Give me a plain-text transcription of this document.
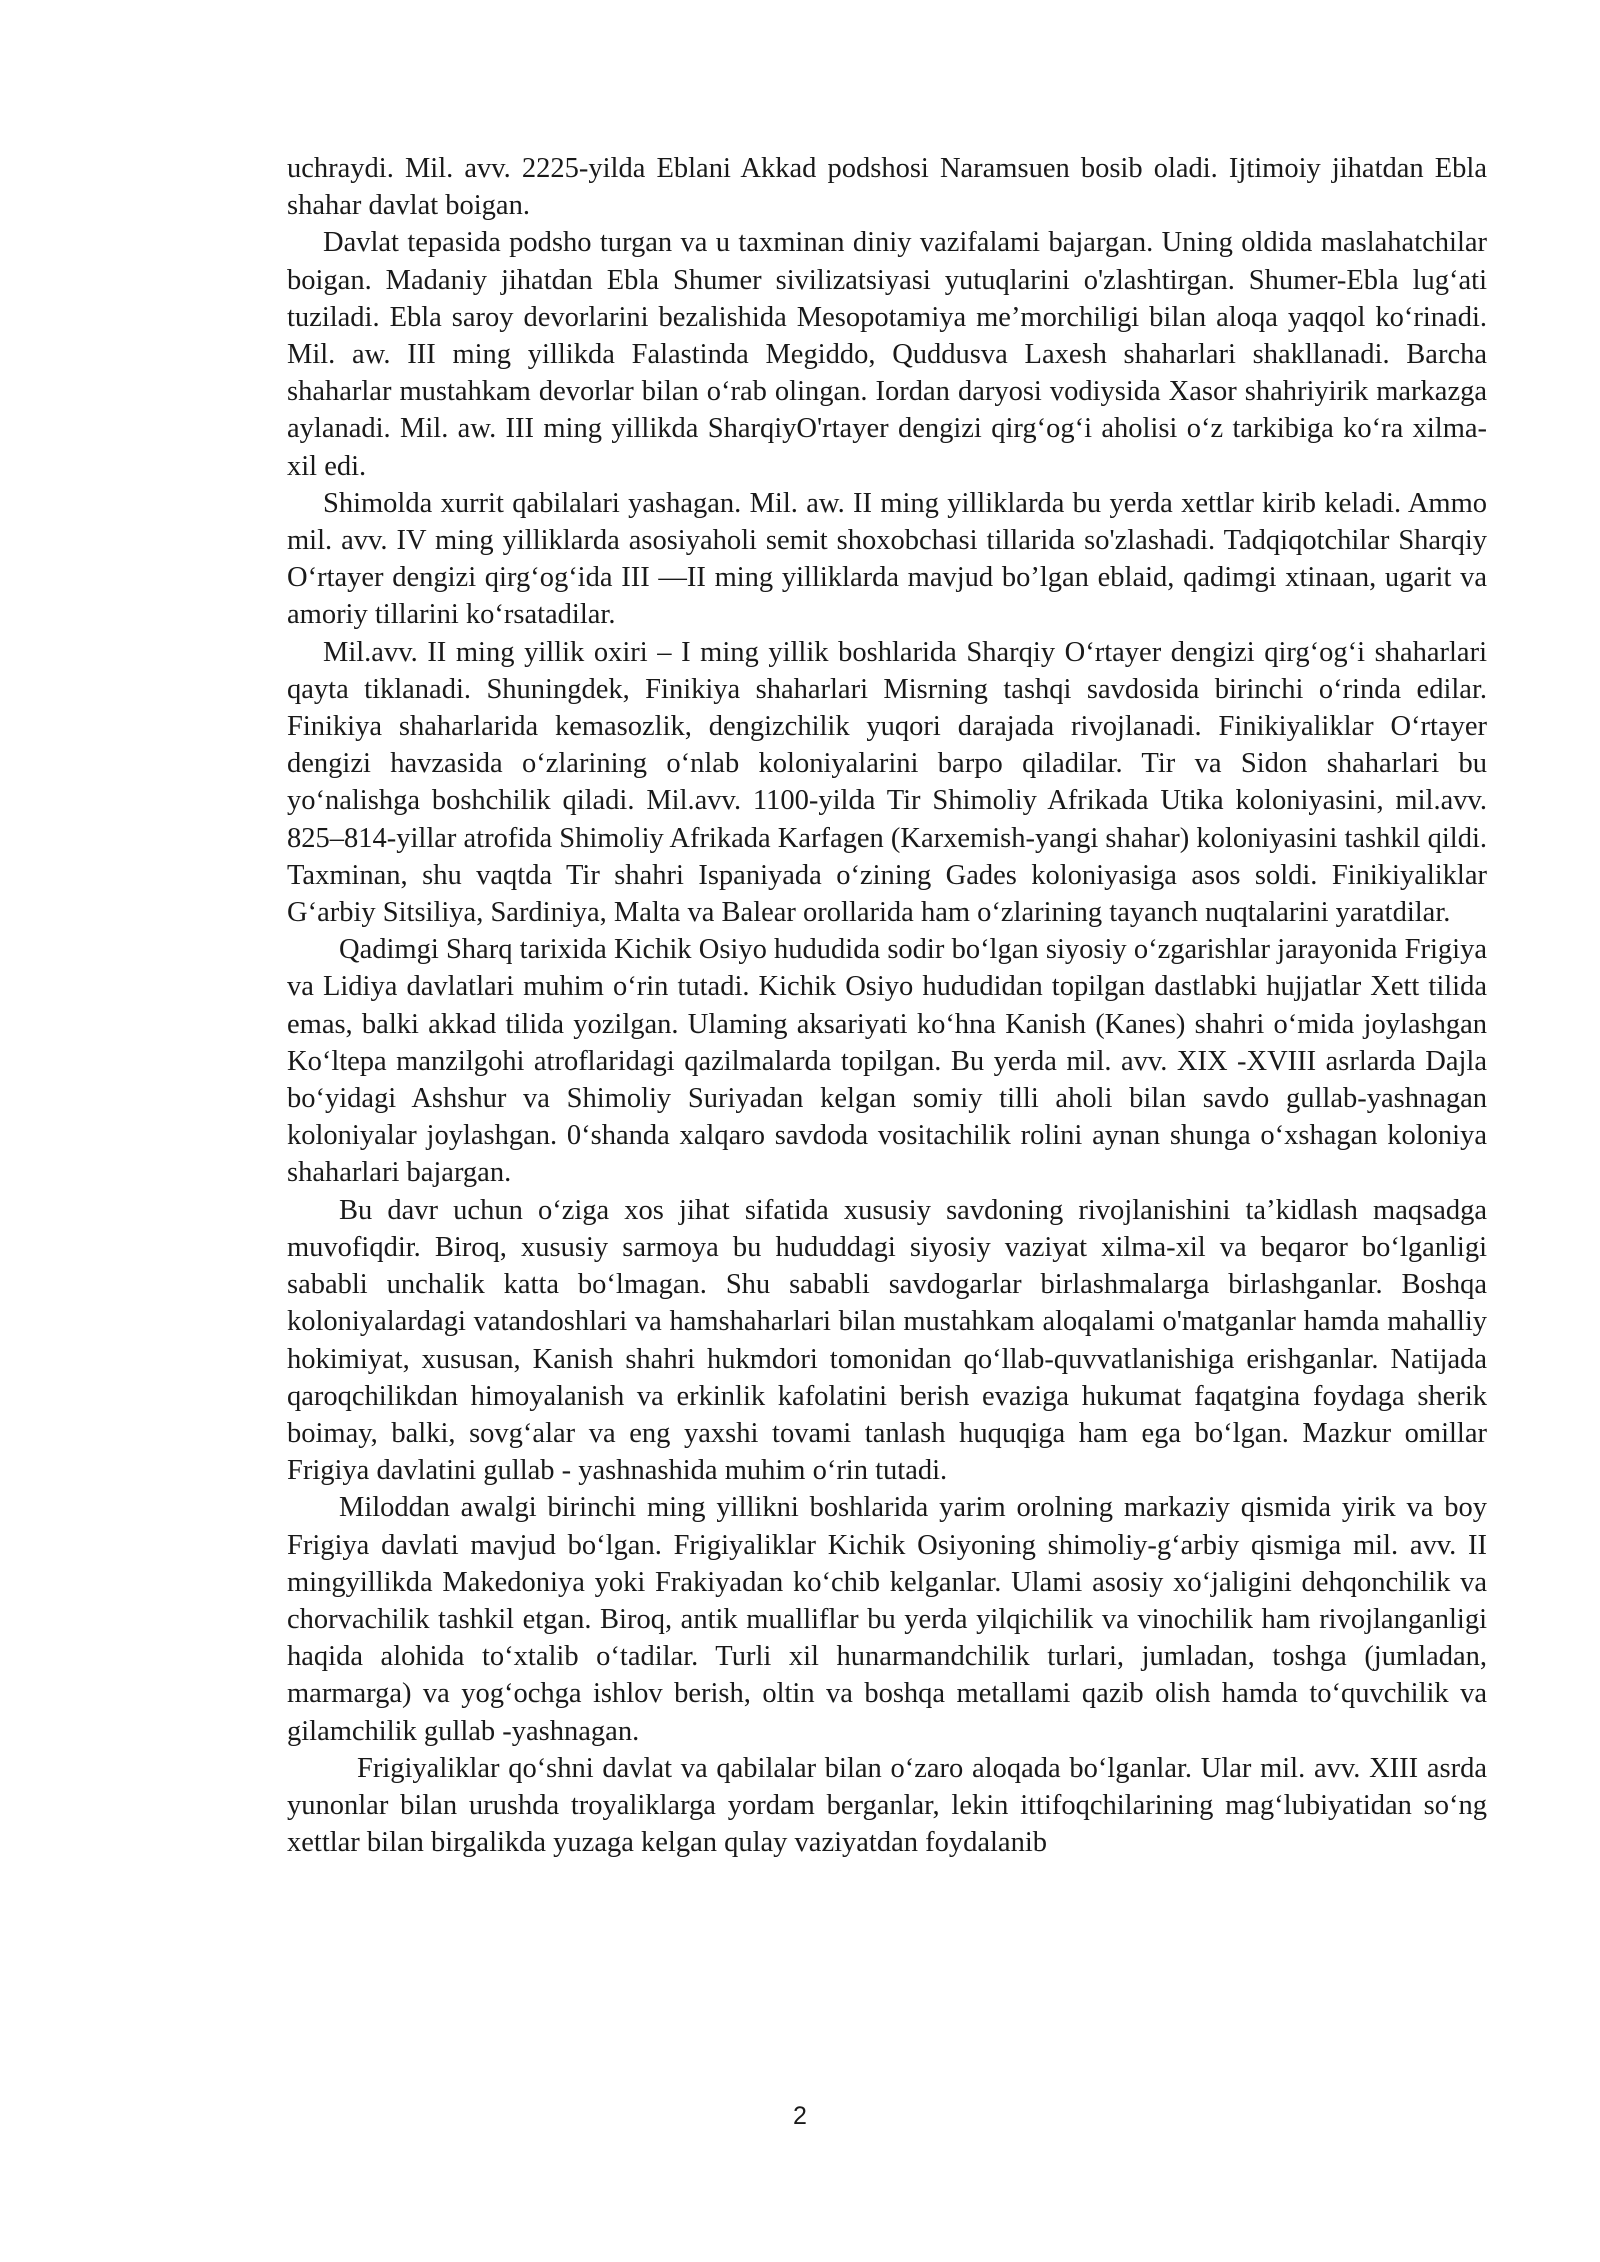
uchraydi. Mil. avv. 2225-yilda Eblani Akkad podshosi Naramsuen bosib oladi. Ijtimoiy jihatdan Ebla shahar davlat boigan.

Davlat tepasida podsho turgan va u taxminan diniy vazifalami bajargan. Uning oldida maslahatchilar boigan. Madaniy jihatdan Ebla Shumer sivilizatsiyasi yutuqlarini o'zlashtirgan. Shumer-Ebla lug‘ati tuziladi. Ebla saroy devorlarini bezalishida Mesopotamiya me’morchiligi bilan aloqa yaqqol ko‘rinadi. Mil. aw. III ming yillikda Falastinda Megiddo, Quddusva Laxesh shaharlari shakllanadi. Barcha shaharlar mustahkam devorlar bilan o‘rab olingan. Iordan daryosi vodiysida Xasor shahriyirik markazga aylanadi. Mil. aw. III ming yillikda SharqiyO'rtayer dengizi qirg‘og‘i aholisi o‘z tarkibiga ko‘ra xilma-xil edi.

Shimolda xurrit qabilalari yashagan. Mil. aw. II ming yilliklarda bu yerda xettlar kirib keladi. Ammo mil. avv. IV ming yilliklarda asosiyaholi semit shoxobchasi tillarida so'zlashadi. Tadqiqotchilar Sharqiy O‘rtayer dengizi qirg‘og‘ida III —II ming yilliklarda mavjud bo’lgan eblaid, qadimgi xtinaan, ugarit va amoriy tillarini ko‘rsatadilar.

Mil.avv. II ming yillik oxiri – I ming yillik boshlarida Sharqiy O‘rtayer dengizi qirg‘og‘i shaharlari qayta tiklanadi. Shuningdek, Finikiya shaharlari Misrning tashqi savdosida birinchi o‘rinda edilar. Finikiya shaharlarida kemasozlik, dengizchilik yuqori darajada rivojlanadi. Finikiyaliklar O‘rtayer dengizi havzasida o‘zlarining o‘nlab koloniyalarini barpo qiladilar. Tir va Sidon shaharlari bu yo‘nalishga boshchilik qiladi. Mil.avv. 1100-yilda Tir Shimoliy Afrikada Utika koloniyasini, mil.avv. 825–814-yillar atrofida Shimoliy Afrikada Karfagen (Karxemish-yangi shahar) koloniyasini tashkil qildi. Taxminan, shu vaqtda Tir shahri Ispaniyada o‘zining Gades koloniyasiga asos soldi. Finikiyaliklar G‘arbiy Sitsiliya, Sardiniya, Malta va Balear orollarida ham o‘zlarining tayanch nuqtalarini yaratdilar.

Qadimgi Sharq tarixida Kichik Osiyo hududida sodir bo‘lgan siyosiy o‘zgarishlar jarayonida Frigiya va Lidiya davlatlari muhim o‘rin tutadi. Kichik Osiyo hududidan topilgan dastlabki hujjatlar Xett tilida emas, balki akkad tilida yozilgan. Ulaming aksariyati ko‘hna Kanish (Kanes) shahri o‘mida joylashgan Ko‘ltepa manzilgohi atroflaridagi qazilmalarda topilgan. Bu yerda mil. avv. XIX -XVIII asrlarda Dajla bo‘yidagi Ashshur va Shimoliy Suriyadan kelgan somiy tilli aholi bilan savdo gullab-yashnagan koloniyalar joylashgan. 0‘shanda xalqaro savdoda vositachilik rolini aynan shunga o‘xshagan koloniya shaharlari bajargan.

Bu davr uchun o‘ziga xos jihat sifatida xususiy savdoning rivojlanishini ta’kidlash maqsadga muvofiqdir. Biroq, xususiy sarmoya bu hududdagi siyosiy vaziyat xilma-xil va beqaror bo‘lganligi sababli unchalik katta bo‘lmagan. Shu sababli savdogarlar birlashmalarga birlashganlar. Boshqa koloniyalardagi vatandoshlari va hamshaharlari bilan mustahkam aloqalami o'matganlar hamda mahalliy hokimiyat, xususan, Kanish shahri hukmdori tomonidan qo‘llab-quvvatlanishiga erishganlar. Natijada qaroqchilikdan himoyalanish va erkinlik kafolatini berish evaziga hukumat faqatgina foydaga sherik boimay, balki, sovg‘alar va eng yaxshi tovami tanlash huquqiga ham ega bo‘lgan. Mazkur omillar Frigiya davlatini gullab - yashnashida muhim o‘rin tutadi.

Miloddan awalgi birinchi ming yillikni boshlarida yarim orolning markaziy qismida yirik va boy Frigiya davlati mavjud bo‘lgan. Frigiyaliklar Kichik Osiyoning shimoliy-g‘arbiy qismiga mil. avv. II mingyillikda Makedoniya yoki Frakiyadan ko‘chib kelganlar. Ulami asosiy xo‘jaligini dehqonchilik va chorvachilik tashkil etgan. Biroq, antik mualliflar bu yerda yilqichilik va vinochilik ham rivojlanganligi haqida alohida to‘xtalib o‘tadilar. Turli xil hunarmandchilik turlari, jumladan, toshga (jumladan, marmarga) va yog‘ochga ishlov berish, oltin va boshqa metallami qazib olish hamda to‘quvchilik va gilamchilik gullab -yashnagan.

Frigiyaliklar qo‘shni davlat va qabilalar bilan o‘zaro aloqada bo‘lganlar. Ular mil. avv. XIII asrda yunonlar bilan urushda troyaliklarga yordam berganlar, lekin ittifoqchilarining mag‘lubiyatidan so‘ng xettlar bilan birgalikda yuzaga kelgan qulay vaziyatdan foydalanib

2
